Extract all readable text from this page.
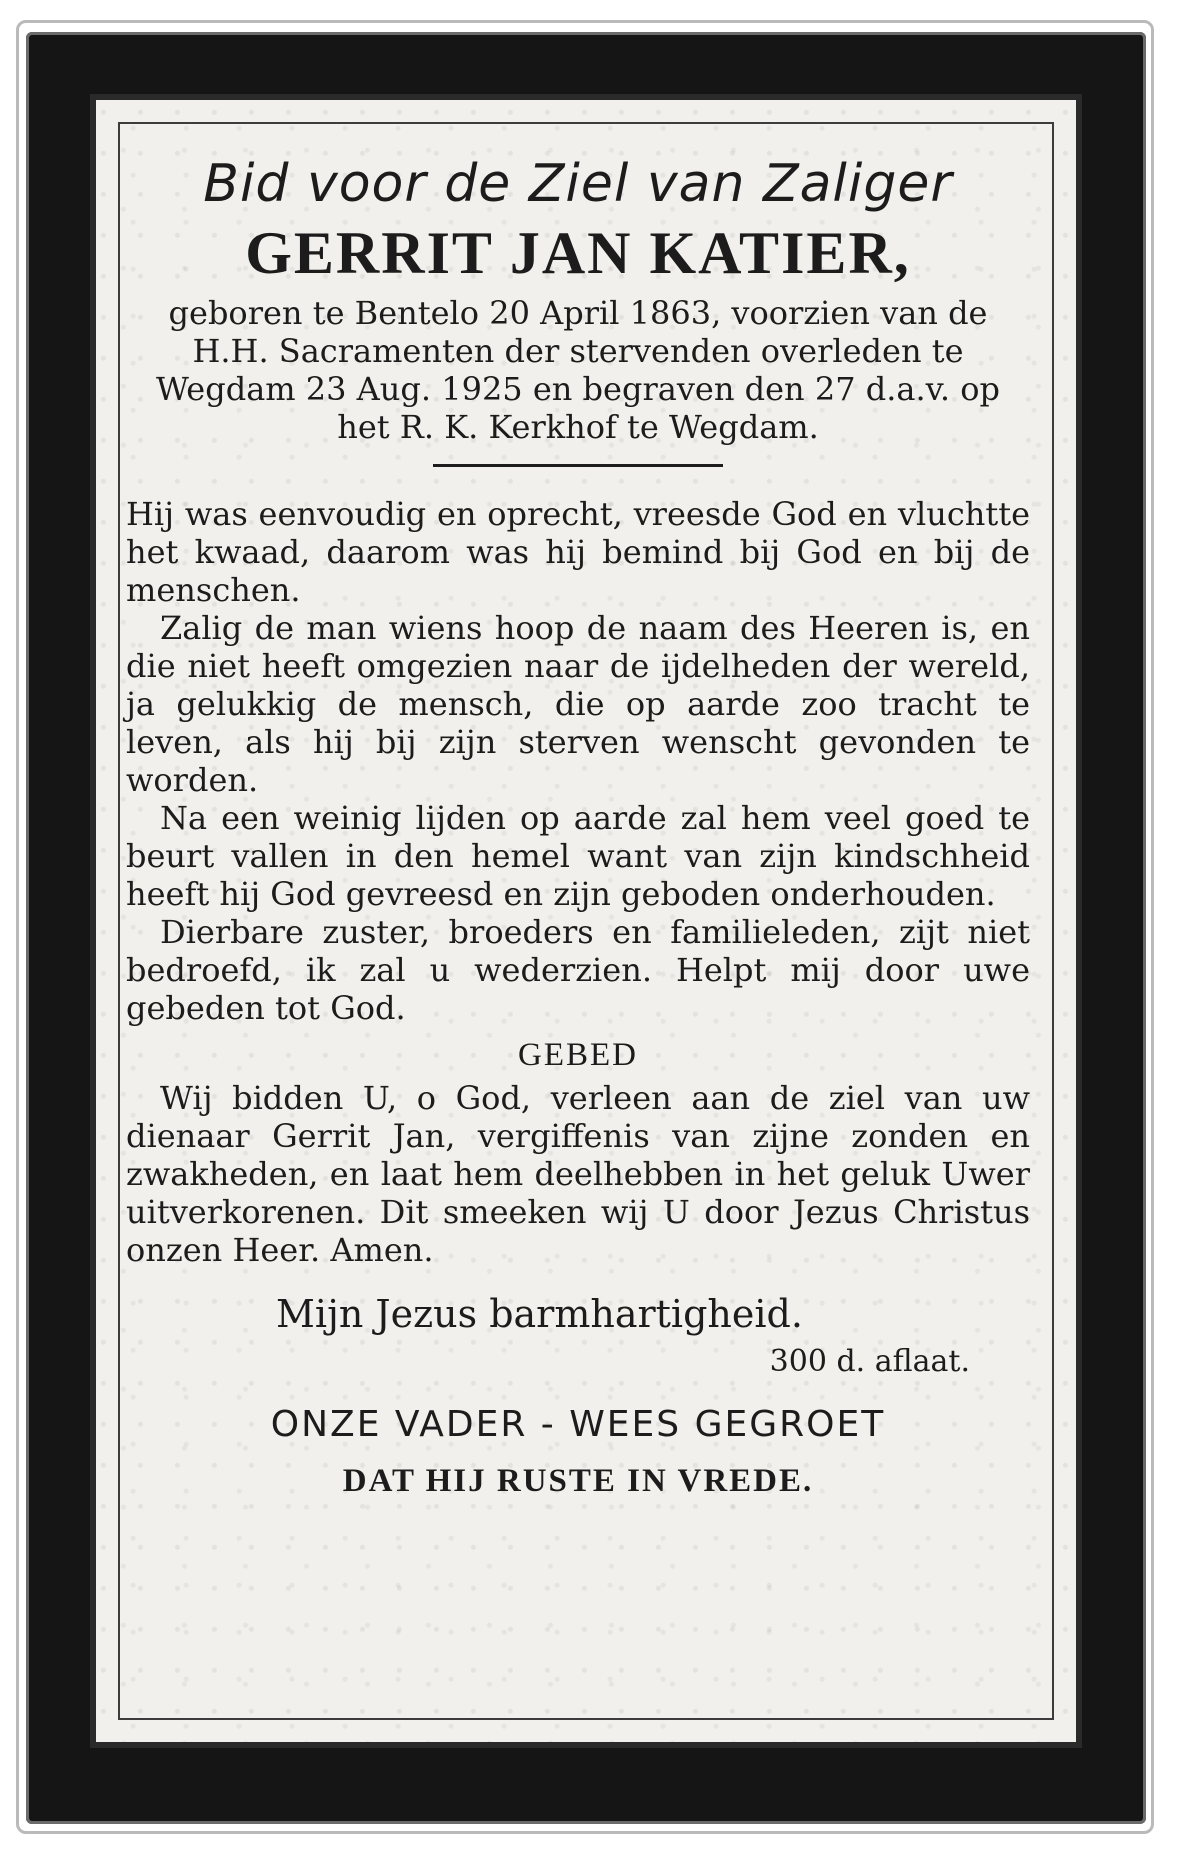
Bid voor de Ziel van Zaliger

GERRIT JAN KATIER,

geboren te Bentelo 20 April 1863, voorzien van de H.H. Sacramenten der stervenden overleden te Wegdam 23 Aug. 1925 en begraven den 27 d.a.v. op het R. K. Kerkhof te Wegdam.

Hij was eenvoudig en oprecht, vreesde God en vluchtte het kwaad, daarom was hij bemind bij God en bij de menschen.

Zalig de man wiens hoop de naam des Heeren is, en die niet heeft omgezien naar de ijdelheden der wereld, ja gelukkig de mensch, die op aarde zoo tracht te leven, als hij bij zijn sterven wenscht gevonden te worden.

Na een weinig lijden op aarde zal hem veel goed te beurt vallen in den hemel want van zijn kindschheid heeft hij God gevreesd en zijn geboden onderhouden.

Dierbare zuster, broeders en familieleden, zijt niet bedroefd, ik zal u wederzien. Helpt mij door uwe gebeden tot God.

GEBED

Wij bidden U, o God, verleen aan de ziel van uw dienaar Gerrit Jan, vergiffenis van zijne zonden en zwakheden, en laat hem deelhebben in het geluk Uwer uitverkorenen. Dit smeeken wij U door Jezus Christus onzen Heer. Amen.

Mijn Jezus barmhartigheid.

300 d. aflaat.

ONZE VADER - WEES GEGROET

DAT HIJ RUSTE IN VREDE.
